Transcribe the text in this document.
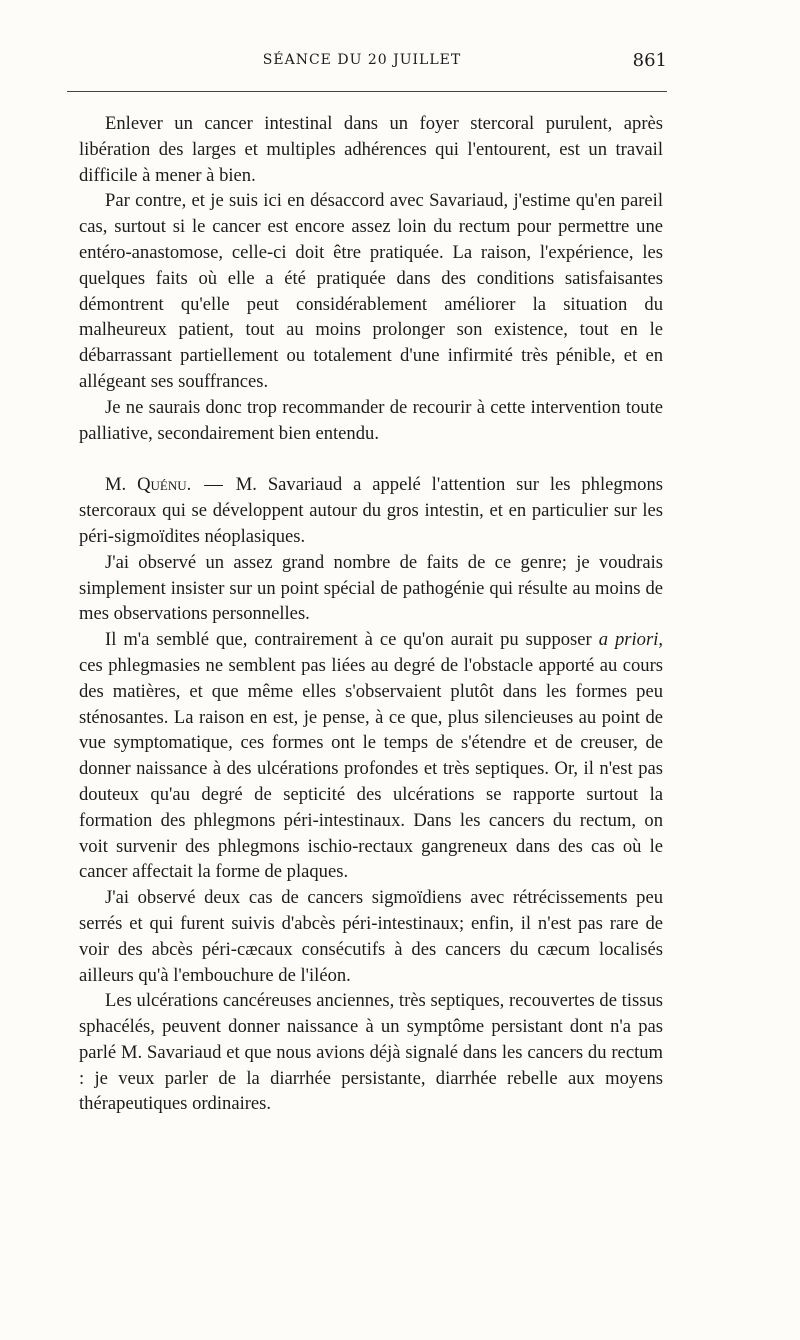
SÉANCE DU 20 JUILLET	861

Enlever un cancer intestinal dans un foyer stercoral purulent, après libération des larges et multiples adhérences qui l'entourent, est un travail difficile à mener à bien.

Par contre, et je suis ici en désaccord avec Savariaud, j'estime qu'en pareil cas, surtout si le cancer est encore assez loin du rectum pour permettre une entéro-anastomose, celle-ci doit être pratiquée. La raison, l'expérience, les quelques faits où elle a été pratiquée dans des conditions satisfaisantes démontrent qu'elle peut considérablement améliorer la situation du malheureux patient, tout au moins prolonger son existence, tout en le débarrassant partiellement ou totalement d'une infirmité très pénible, et en allégeant ses souffrances.

Je ne saurais donc trop recommander de recourir à cette intervention toute palliative, secondairement bien entendu.

M. Quénu. — M. Savariaud a appelé l'attention sur les phlegmons stercoraux qui se développent autour du gros intestin, et en particulier sur les péri-sigmoïdites néoplasiques.

J'ai observé un assez grand nombre de faits de ce genre; je voudrais simplement insister sur un point spécial de pathogénie qui résulte au moins de mes observations personnelles.

Il m'a semblé que, contrairement à ce qu'on aurait pu supposer a priori, ces phlegmasies ne semblent pas liées au degré de l'obstacle apporté au cours des matières, et que même elles s'observaient plutôt dans les formes peu sténosantes. La raison en est, je pense, à ce que, plus silencieuses au point de vue symptomatique, ces formes ont le temps de s'étendre et de creuser, de donner naissance à des ulcérations profondes et très septiques. Or, il n'est pas douteux qu'au degré de septicité des ulcérations se rapporte surtout la formation des phlegmons péri-intestinaux. Dans les cancers du rectum, on voit survenir des phlegmons ischio-rectaux gangreneux dans des cas où le cancer affectait la forme de plaques.

J'ai observé deux cas de cancers sigmoïdiens avec rétrécissements peu serrés et qui furent suivis d'abcès péri-intestinaux; enfin, il n'est pas rare de voir des abcès péri-cæcaux consécutifs à des cancers du cæcum localisés ailleurs qu'à l'embouchure de l'iléon.

Les ulcérations cancéreuses anciennes, très septiques, recouvertes de tissus sphacélés, peuvent donner naissance à un symptôme persistant dont n'a pas parlé M. Savariaud et que nous avions déjà signalé dans les cancers du rectum : je veux parler de la diarrhée persistante, diarrhée rebelle aux moyens thérapeutiques ordinaires.
